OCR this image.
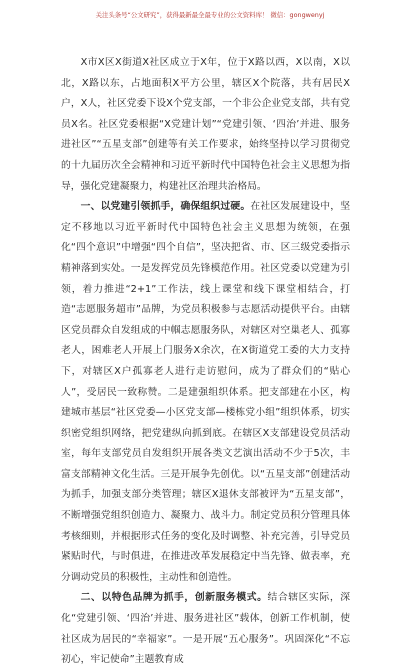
关注头条号“公文研究”，获得最新最全最专业的公文资料库！ 微信：gongwenyj

X市X区X街道X社区成立于X年，位于X路以西，X以南，X以北，X路以东，占地面积X平方公里，辖区X个院落，共有居民X户，X人，社区党委下设X个党支部，一个非公企业党支部，共有党员X名。社区党委根据“X党建计划”“党建引领、‘四治’并进、服务进社区”“五星支部”创建等有关工作要求，始终坚持以学习贯彻党的十九届历次全会精神和习近平新时代中国特色社会主义思想为指导，强化党建凝聚力，构建社区治理共治格局。

一、以党建引领抓手，确保组织过硬。在社区发展建设中，坚定不移地以习近平新时代中国特色社会主义思想为统领，在强化“四个意识”中增强“四个自信”，坚决把省、市、区三级党委指示精神落到实处。一是发挥党员先锋模范作用。社区党委以党建为引领，着力推进“2+1”工作法，线上课堂和线下课堂相结合，打造“志愿服务超市”品牌，为党员积极参与志愿活动提供平台。由辖区党员群众自发组成的中帼志愿服务队，对辖区对空巢老人、孤寡老人，困难老人开展上门服务X余次，在X街道党工委的大力支持下，对辖区X户孤寡老人进行走访慰问，成为了群众们的“贴心人”，受居民一致称赞。二是建强组织体系。把支部建在小区，构建城市基层“社区党委—小区党支部—楼栋党小组”组织体系，切实织密党组织网络，把党建纵向抓到底。在辖区X支部建设党员活动室，每年支部党员自发组织开展各类文艺演出活动不少于5次，丰富支部精神文化生活。三是开展争先创优。以“五星支部”创建活动为抓手，加强支部分类管理；辖区X退休支部被评为“五星支部”，不断增强党组织创造力、凝聚力、战斗力。制定党员积分管理具体考核细则，并根据形式任务的变化及时调整、补充完善，引导党员紧贴时代，与时俱进，在推进改革发展稳定中当先锋、做表率，充分调动党员的积极性，主动性和创造性。

二、以特色品牌为抓手，创新服务模式。结合辖区实际，深化“党建引领、‘四治’并进、服务进社区”载体，创新工作机制，使社区成为居民的“幸福家”。一是开展“五心服务”。巩固深化“不忘初心，牢记使命”主题教育成
